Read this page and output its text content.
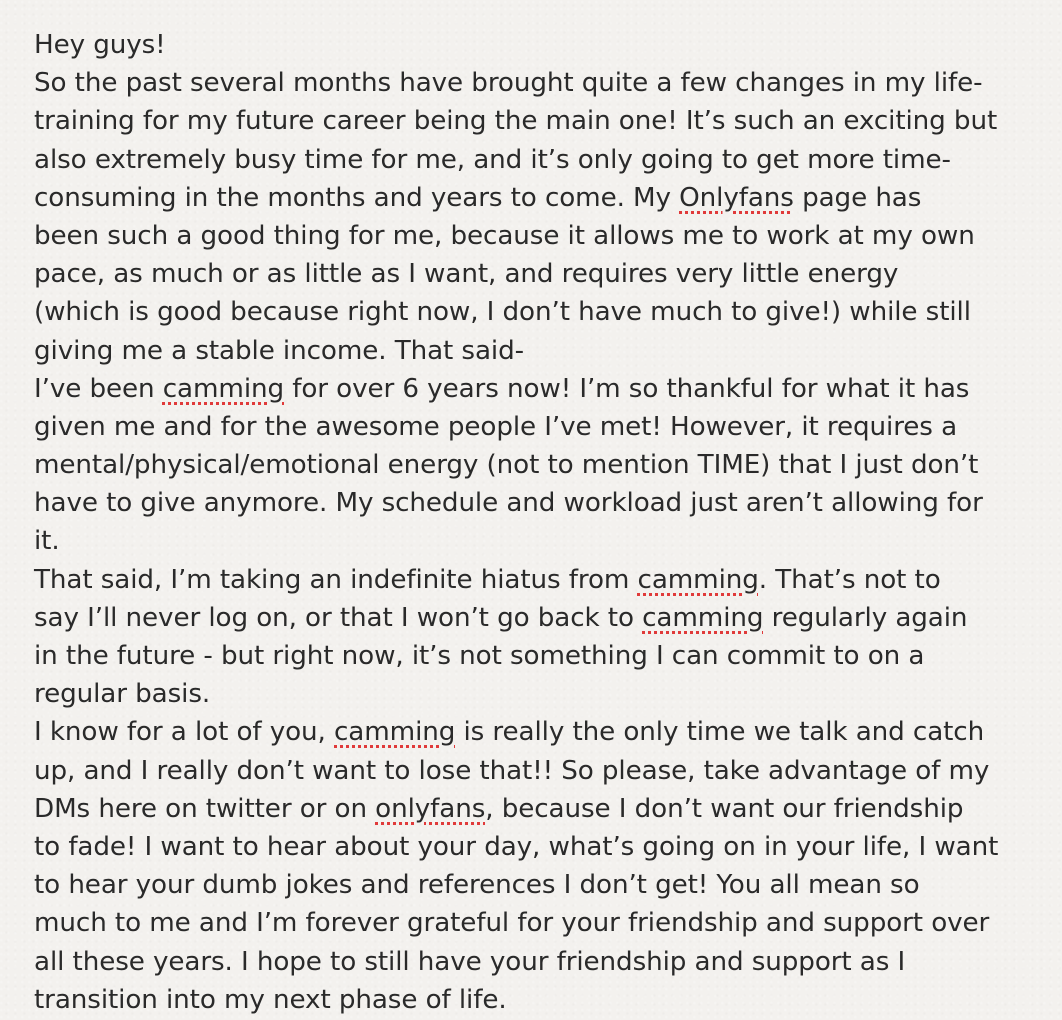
Hey guys!
So the past several months have brought quite a few changes in my life-
training for my future career being the main one! It’s such an exciting but
also extremely busy time for me, and it’s only going to get more time-
consuming in the months and years to come. My Onlyfans page has
been such a good thing for me, because it allows me to work at my own
pace, as much or as little as I want, and requires very little energy
(which is good because right now, I don’t have much to give!) while still
giving me a stable income. That said-
I’ve been camming for over 6 years now! I’m so thankful for what it has
given me and for the awesome people I’ve met! However, it requires a
mental/physical/emotional energy (not to mention TIME) that I just don’t
have to give anymore. My schedule and workload just aren’t allowing for
it.
That said, I’m taking an indefinite hiatus from camming. That’s not to
say I’ll never log on, or that I won’t go back to camming regularly again
in the future - but right now, it’s not something I can commit to on a
regular basis.
I know for a lot of you, camming is really the only time we talk and catch
up, and I really don’t want to lose that!! So please, take advantage of my
DMs here on twitter or on onlyfans, because I don’t want our friendship
to fade! I want to hear about your day, what’s going on in your life, I want
to hear your dumb jokes and references I don’t get! You all mean so
much to me and I’m forever grateful for your friendship and support over
all these years. I hope to still have your friendship and support as I
transition into my next phase of life.
